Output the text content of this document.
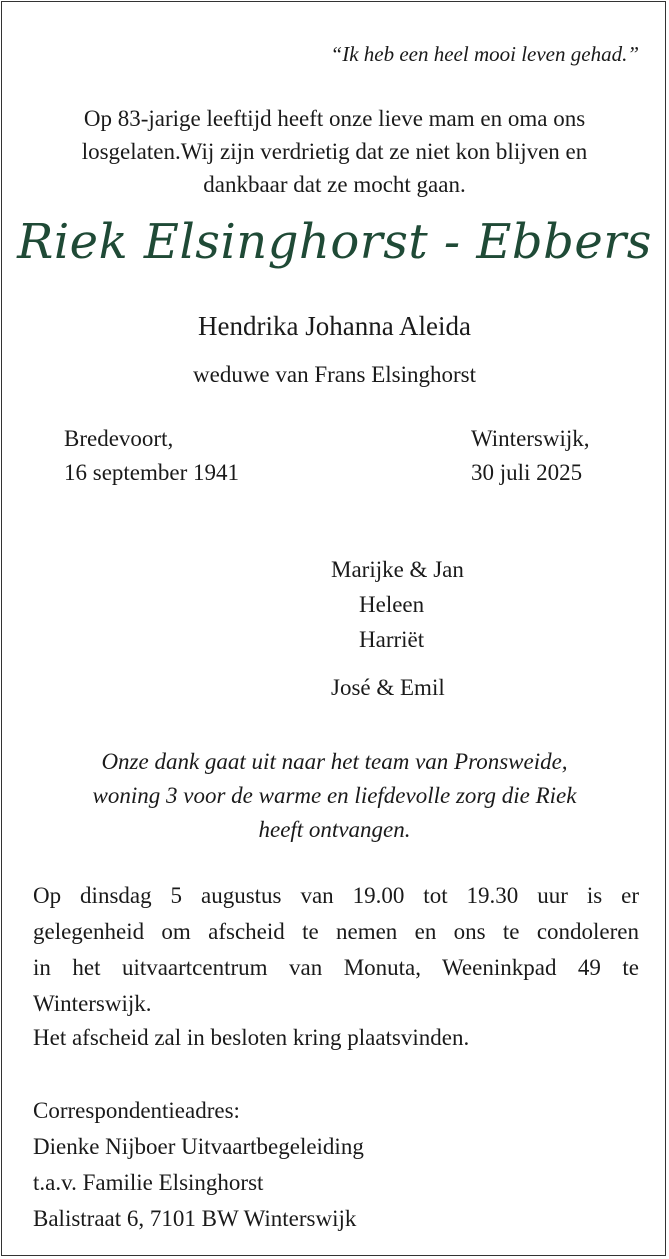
“Ik heb een heel mooi leven gehad.”
Op 83-jarige leeftijd heeft onze lieve mam en oma ons
losgelaten.Wij zijn verdrietig dat ze niet kon blijven en
dankbaar dat ze mocht gaan.
Riek Elsinghorst - Ebbers
Hendrika Johanna Aleida
weduwe van Frans Elsinghorst
Bredevoort,
16 september 1941
Winterswijk,
30 juli 2025
Marijke & Jan
Heleen
Harriët
José & Emil
Onze dank gaat uit naar het team van Pronsweide,
woning 3 voor de warme en liefdevolle zorg die Riek
heeft ontvangen.
Op dinsdag 5 augustus van 19.00 tot 19.30 uur is er
gelegenheid om afscheid te nemen en ons te condoleren
in het uitvaartcentrum van Monuta, Weeninkpad 49 te
Winterswijk.
Het afscheid zal in besloten kring plaatsvinden.
Correspondentieadres:
Dienke Nijboer Uitvaartbegeleiding
t.a.v. Familie Elsinghorst
Balistraat 6, 7101 BW Winterswijk
